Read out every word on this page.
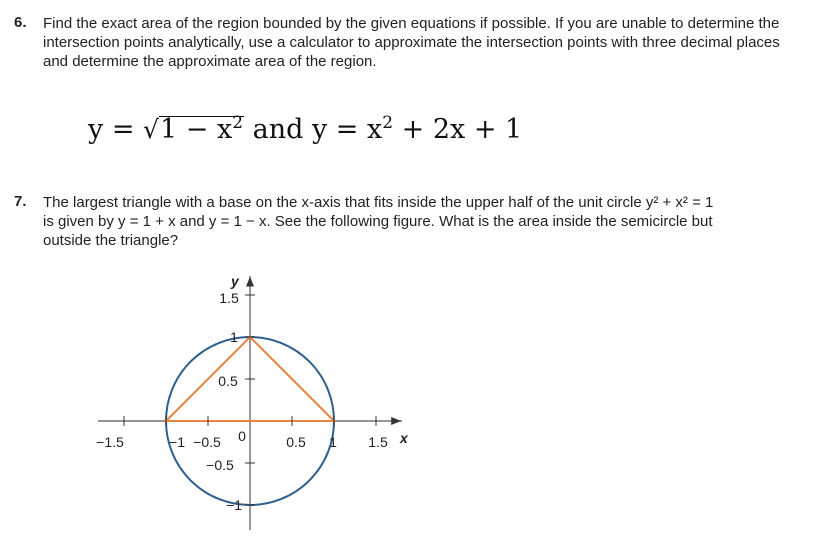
6. Find the exact area of the region bounded by the given equations if possible. If you are unable to determine the intersection points analytically, use a calculator to approximate the intersection points with three decimal places and determine the approximate area of the region.
$y = √1 - x^2$ and $y = x^2 + 2x + 1$
7. The largest triangle with a base on the x-axis that fits inside the upper half of the unit circle y² + x² = 1
is given by y = 1 + x and y = 1 − x. See the following figure. What is the area inside the semicircle but
outside the triangle?
−1.5	−1 −0.5 0	0.5 1 1.5
1.5
1
0.5
−0.5
−1
x
y
